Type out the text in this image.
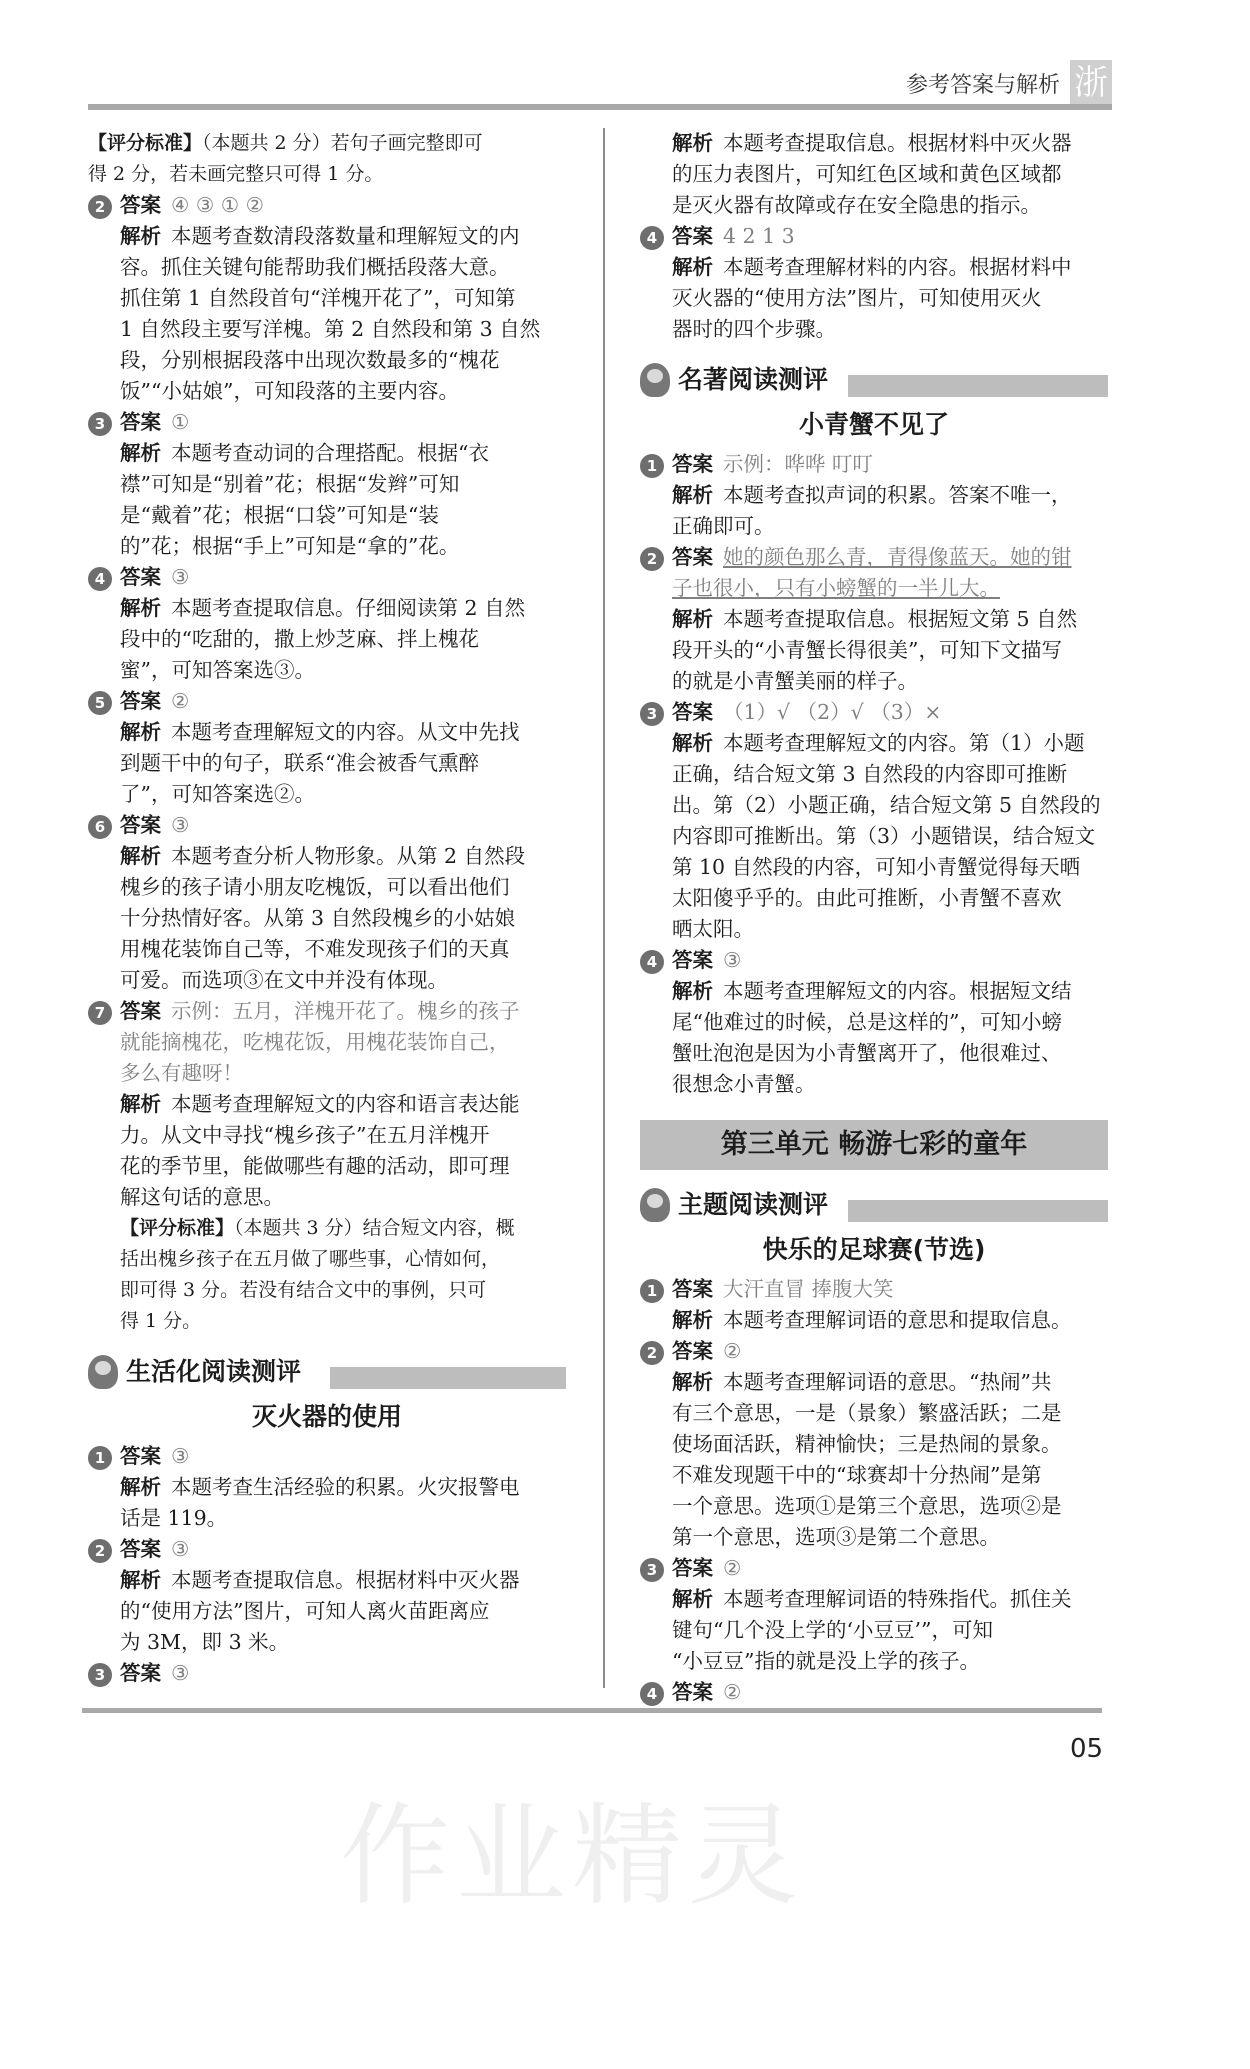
参考答案与解析 浙

【评分标准】（本题共 2 分）若句子画完整即可
得 2 分，若未画完整只可得 1 分。

2 答案 ④ ③ ① ②

解析 本题考查数清段落数量和理解短文的内
容。抓住关键句能帮助我们概括段落大意。
抓住第 1 自然段首句“洋槐开花了”，可知第
1 自然段主要写洋槐。第 2 自然段和第 3 自然
段，分别根据段落中出现次数最多的“槐花
饭”“小姑娘”，可知段落的主要内容。

3 答案 ①

解析 本题考查动词的合理搭配。根据“衣
襟”可知是“别着”花；根据“发辫”可知
是“戴着”花；根据“口袋”可知是“装
的”花；根据“手上”可知是“拿的”花。

4 答案 ③

解析 本题考查提取信息。仔细阅读第 2 自然
段中的“吃甜的，撒上炒芝麻、拌上槐花
蜜”，可知答案选③。

5 答案 ②

解析 本题考查理解短文的内容。从文中先找
到题干中的句子，联系“准会被香气熏醉
了”，可知答案选②。

6 答案 ③

解析 本题考查分析人物形象。从第 2 自然段
槐乡的孩子请小朋友吃槐饭，可以看出他们
十分热情好客。从第 3 自然段槐乡的小姑娘
用槐花装饰自己等，不难发现孩子们的天真
可爱。而选项③在文中并没有体现。

7 答案 示例：五月，洋槐开花了。槐乡的孩子
就能摘槐花，吃槐花饭，用槐花装饰自己，
多么有趣呀！

解析 本题考查理解短文的内容和语言表达能
力。从文中寻找“槐乡孩子”在五月洋槐开
花的季节里，能做哪些有趣的活动，即可理
解这句话的意思。

【评分标准】（本题共 3 分）结合短文内容，概
括出槐乡孩子在五月做了哪些事，心情如何，
即可得 3 分。若没有结合文中的事例，只可
得 1 分。

生活化阅读测评
灭火器的使用

1 答案 ③

解析 本题考查生活经验的积累。火灾报警电
话是 119。

2 答案 ③

解析 本题考查提取信息。根据材料中灭火器
的“使用方法”图片，可知人离火苗距离应
为 3M，即 3 米。

3 答案 ③

解析 本题考查提取信息。根据材料中灭火器
的压力表图片，可知红色区域和黄色区域都
是灭火器有故障或存在安全隐患的指示。

4 答案 4 2 1 3

解析 本题考查理解材料的内容。根据材料中
灭火器的“使用方法”图片，可知使用灭火
器时的四个步骤。

名著阅读测评
小青蟹不见了

1 答案 示例：哗哗 叮叮

解析 本题考查拟声词的积累。答案不唯一，
正确即可。

2 答案 她的颜色那么青，青得像蓝天。她的钳
子也很小，只有小螃蟹的一半儿大。

解析 本题考查提取信息。根据短文第 5 自然
段开头的“小青蟹长得很美”，可知下文描写
的就是小青蟹美丽的样子。

3 答案 （1）√ （2）√ （3）×

解析 本题考查理解短文的内容。第（1）小题
正确，结合短文第 3 自然段的内容即可推断
出。第（2）小题正确，结合短文第 5 自然段的
内容即可推断出。第（3）小题错误，结合短文
第 10 自然段的内容，可知小青蟹觉得每天晒
太阳傻乎乎的。由此可推断，小青蟹不喜欢
晒太阳。

4 答案 ③

解析 本题考查理解短文的内容。根据短文结
尾“他难过的时候，总是这样的”，可知小螃
蟹吐泡泡是因为小青蟹离开了，他很难过、
很想念小青蟹。

第三单元 畅游七彩的童年
主题阅读测评
快乐的足球赛(节选)

1 答案 大汗直冒 捧腹大笑

解析 本题考查理解词语的意思和提取信息。

2 答案 ②

解析 本题考查理解词语的意思。“热闹”共
有三个意思，一是（景象）繁盛活跃；二是
使场面活跃，精神愉快；三是热闹的景象。
不难发现题干中的“球赛却十分热闹”是第
一个意思。选项①是第三个意思，选项②是
第一个意思，选项③是第二个意思。

3 答案 ②

解析 本题考查理解词语的特殊指代。抓住关
键句“几个没上学的‘小豆豆’”，可知
“小豆豆”指的就是没上学的孩子。

4 答案 ②

05
作业精灵
